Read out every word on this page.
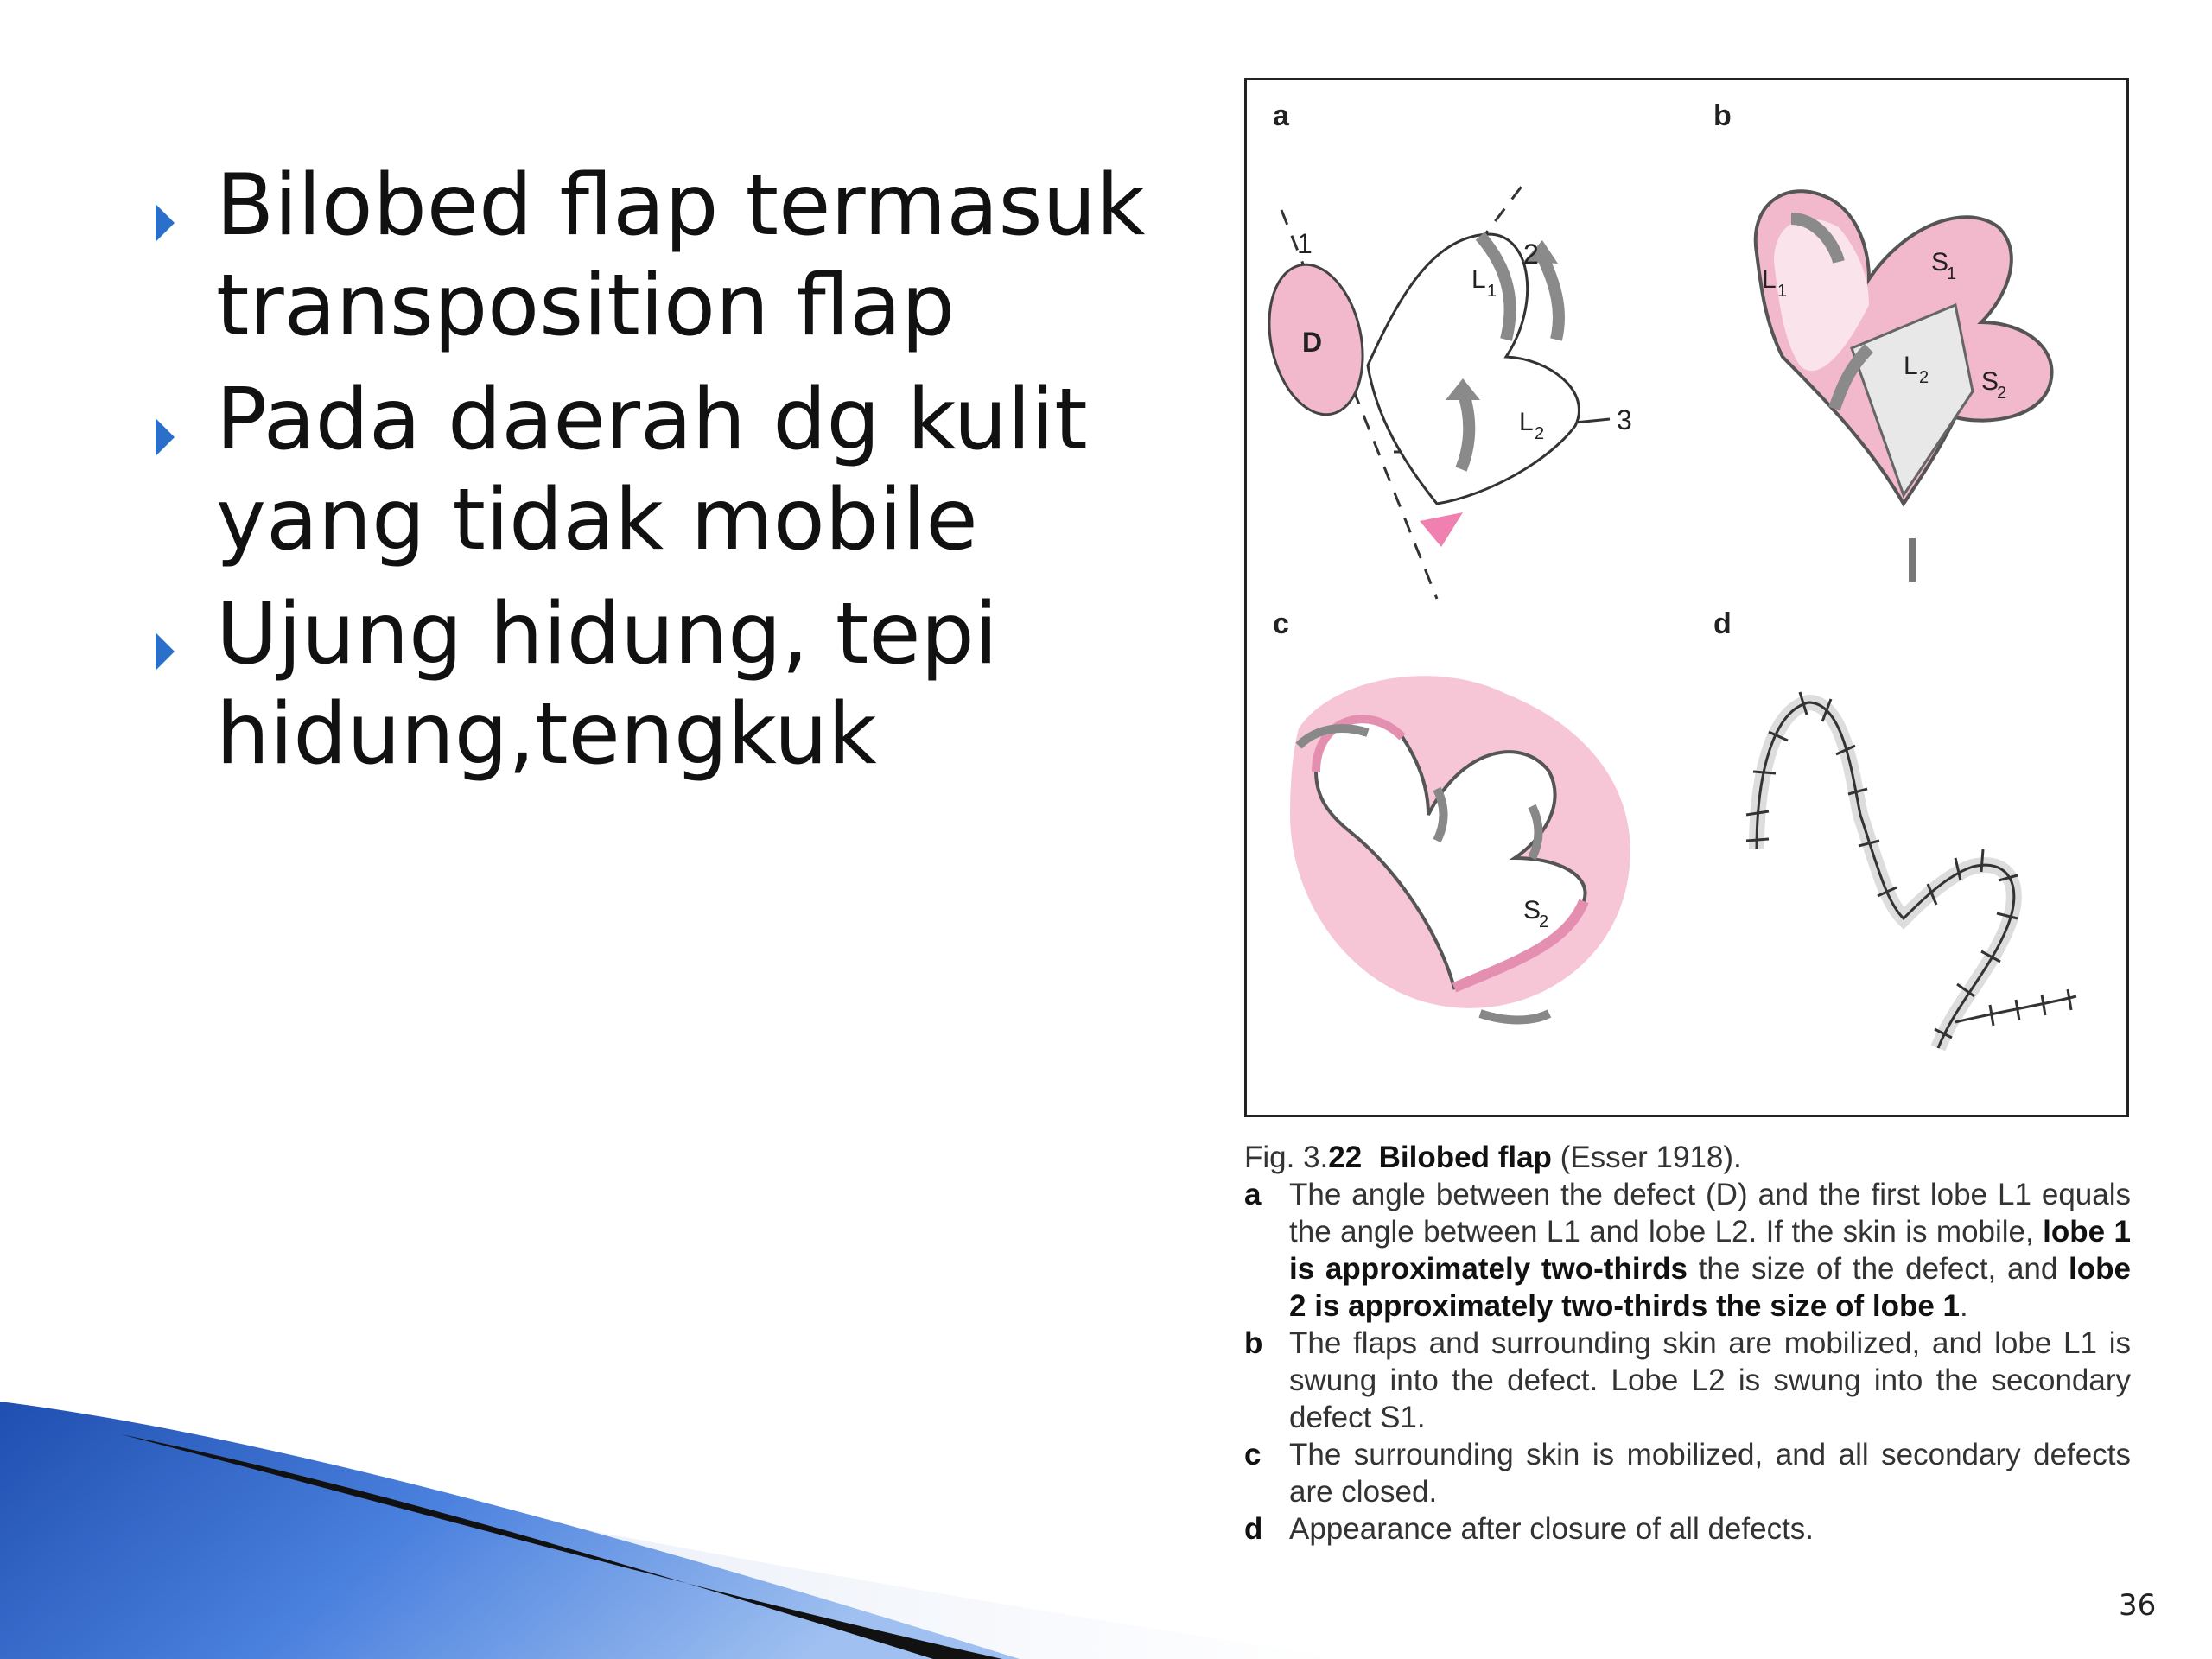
Bilobed flap termasuk
transposition flap
Pada daerah dg kulit
yang tidak mobile
Ujung hidung, tepi
hidung,tengkuk
a	b
c	d
1	2
3
D
L 1
L 2
L 1
S
1
L 2 S
2
S
2
Fig. 3.22 Bilobed flap (Esser 1918).
a The angle between the defect (D) and the first lobe L1 equals the angle between L1 and lobe L2. If the skin is mobile, lobe 1 is approximately two-thirds the size of the defect, and lobe 2 is approximately two-thirds the size of lobe 1.
b The flaps and surrounding skin are mobilized, and lobe L1 is swung into the defect. Lobe L2 is swung into the secondary defect S1.
c The surrounding skin is mobilized, and all secondary defects are closed.
d Appearance after closure of all defects.
36
